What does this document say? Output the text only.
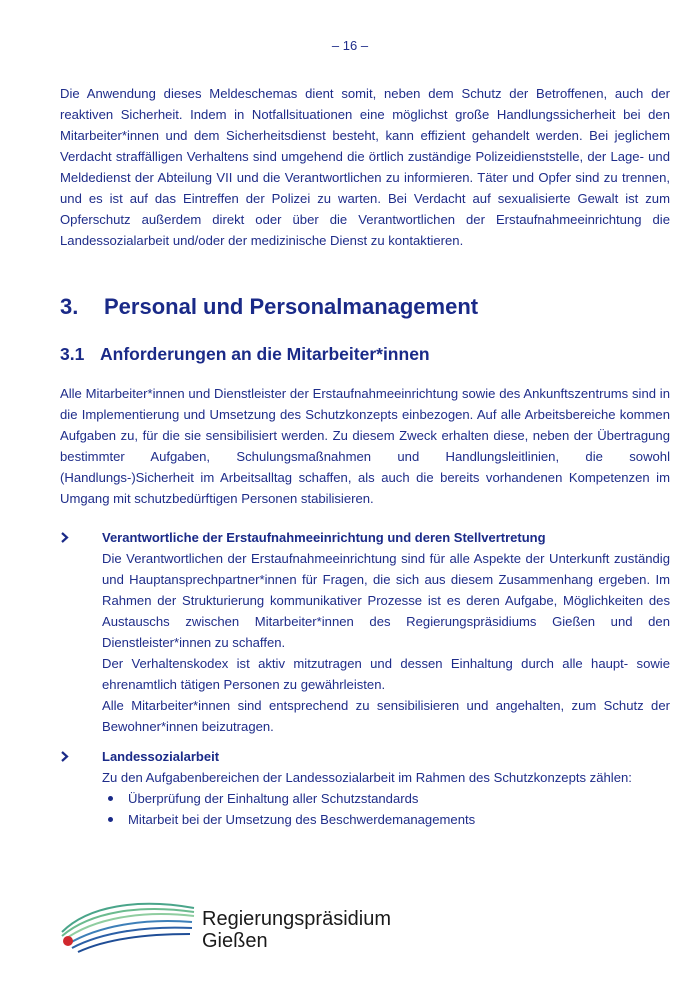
– 16 –

Die Anwendung dieses Meldeschemas dient somit, neben dem Schutz der Betroffenen, auch der reaktiven Sicherheit. Indem in Notfallsituationen eine möglichst große Handlungssicherheit bei den Mitarbeiter*innen und dem Sicherheitsdienst besteht, kann effizient gehandelt werden. Bei jeglichem Verdacht straffälligen Verhaltens sind umgehend die örtlich zuständige Polizeidienststelle, der Lage- und Meldedienst der Abteilung VII und die Verantwortlichen zu informieren. Täter und Opfer sind zu trennen, und es ist auf das Eintreffen der Polizei zu warten. Bei Verdacht auf sexualisierte Gewalt ist zum Opferschutz außerdem direkt oder über die Verantwortlichen der Erstaufnahmeeinrichtung die Landessozialarbeit und/oder der medizinische Dienst zu kontaktieren.

3. Personal und Personalmanagement
3.1 Anforderungen an die Mitarbeiter*innen

Alle Mitarbeiter*innen und Dienstleister der Erstaufnahmeeinrichtung sowie des Ankunftszentrums sind in die Implementierung und Umsetzung des Schutzkonzepts einbezogen. Auf alle Arbeitsbereiche kommen Aufgaben zu, für die sie sensibilisiert werden. Zu diesem Zweck erhalten diese, neben der Übertragung bestimmter Aufgaben, Schulungsmaßnahmen und Handlungsleitlinien, die sowohl (Handlungs-)Sicherheit im Arbeitsalltag schaffen, als auch die bereits vorhandenen Kompetenzen im Umgang mit schutzbedürftigen Personen stabilisieren.

Verantwortliche der Erstaufnahmeeinrichtung und deren Stellvertretung

Die Verantwortlichen der Erstaufnahmeeinrichtung sind für alle Aspekte der Unterkunft zuständig und Hauptansprechpartner*innen für Fragen, die sich aus diesem Zusammenhang ergeben. Im Rahmen der Strukturierung kommunikativer Prozesse ist es deren Aufgabe, Möglichkeiten des Austauschs zwischen Mitarbeiter*innen des Regierungspräsidiums Gießen und den Dienstleister*innen zu schaffen.

Der Verhaltenskodex ist aktiv mitzutragen und dessen Einhaltung durch alle haupt- sowie ehrenamtlich tätigen Personen zu gewährleisten.

Alle Mitarbeiter*innen sind entsprechend zu sensibilisieren und angehalten, zum Schutz der Bewohner*innen beizutragen.

Landessozialarbeit

Zu den Aufgabenbereichen der Landessozialarbeit im Rahmen des Schutzkonzepts zählen:

Überprüfung der Einhaltung aller Schutzstandards
Mitarbeit bei der Umsetzung des Beschwerdemanagements
Regierungspräsidium
Gießen
